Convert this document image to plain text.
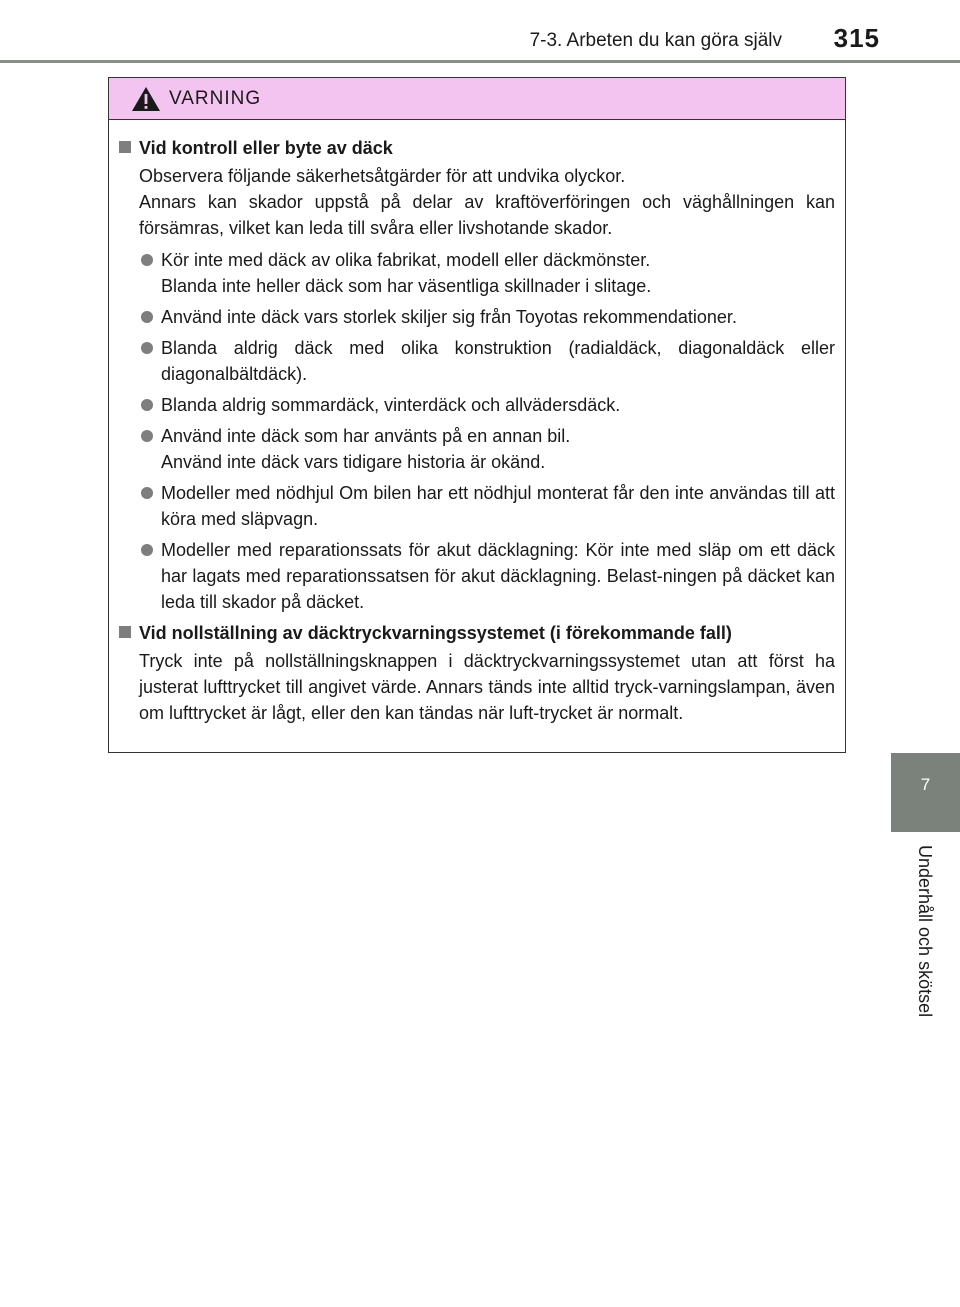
7-3. Arbeten du kan göra själv 315
7
Underhåll och skötsel
VARNING
Vid kontroll eller byte av däck
Observera följande säkerhetsåtgärder för att undvika olyckor.
Annars kan skador uppstå på delar av kraftöverföringen och väghållningen kan försämras, vilket kan leda till svåra eller livshotande skador.
Kör inte med däck av olika fabrikat, modell eller däckmönster.
Blanda inte heller däck som har väsentliga skillnader i slitage.
Använd inte däck vars storlek skiljer sig från Toyotas rekommendationer.
Blanda aldrig däck med olika konstruktion (radialdäck, diagonaldäck eller diagonalbältdäck).
Blanda aldrig sommardäck, vinterdäck och allvädersdäck.
Använd inte däck som har använts på en annan bil.
Använd inte däck vars tidigare historia är okänd.
Modeller med nödhjul Om bilen har ett nödhjul monterat får den inte användas till att köra med släpvagn.
Modeller med reparationssats för akut däcklagning: Kör inte med släp om ett däck har lagats med reparationssatsen för akut däcklagning. Belast-ningen på däcket kan leda till skador på däcket.
Vid nollställning av däcktryckvarningssystemet (i förekommande fall)
Tryck inte på nollställningsknappen i däcktryckvarningssystemet utan att först ha justerat lufttrycket till angivet värde. Annars tänds inte alltid tryck-varningslampan, även om lufttrycket är lågt, eller den kan tändas när luft-trycket är normalt.
